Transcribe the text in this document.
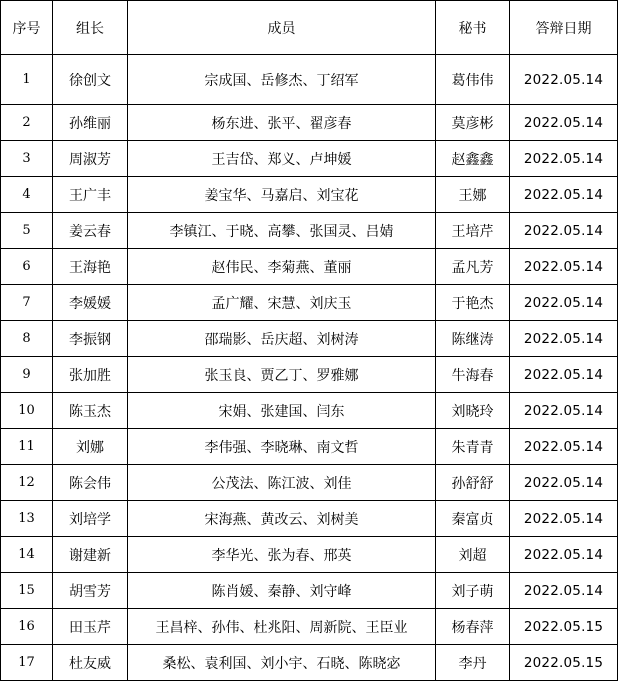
序号	组长	成员	秘书	答辩日期
1	徐创文	宗成国、岳修杰、丁绍军	葛伟伟	2022.05.14
2	孙维丽	杨东进、张平、翟彦春	莫彦彬	2022.05.14
3	周淑芳	王吉岱、郑义、卢坤媛	赵鑫鑫	2022.05.14
4	王广丰	姜宝华、马嘉启、刘宝花	王娜	2022.05.14
5	姜云春	李镇江、于晓、高攀、张国灵、吕婧	王培芹	2022.05.14
6	王海艳	赵伟民、李菊燕、董丽	孟凡芳	2022.05.14
7	李媛媛	孟广耀、宋慧、刘庆玉	于艳杰	2022.05.14
8	李振钢	邵瑞影、岳庆超、刘树涛	陈继涛	2022.05.14
9	张加胜	张玉良、贾乙丁、罗雅娜	牛海春	2022.05.14
10	陈玉杰	宋娟、张建国、闫东	刘晓玲	2022.05.14
11	刘娜	李伟强、李晓琳、南文哲	朱青青	2022.05.14
12	陈会伟	公茂法、陈江波、刘佳	孙舒舒	2022.05.14
13	刘培学	宋海燕、黄改云、刘树美	秦富贞	2022.05.14
14	谢建新	李华光、张为春、邢英	刘超	2022.05.14
15	胡雪芳	陈肖媛、秦静、刘守峰	刘子萌	2022.05.14
16	田玉芹	王昌梓、孙伟、杜兆阳、周新院、王臣业	杨春萍	2022.05.15
17	杜友威	桑松、袁利国、刘小宇、石晓、陈晓宓	李丹	2022.05.15
